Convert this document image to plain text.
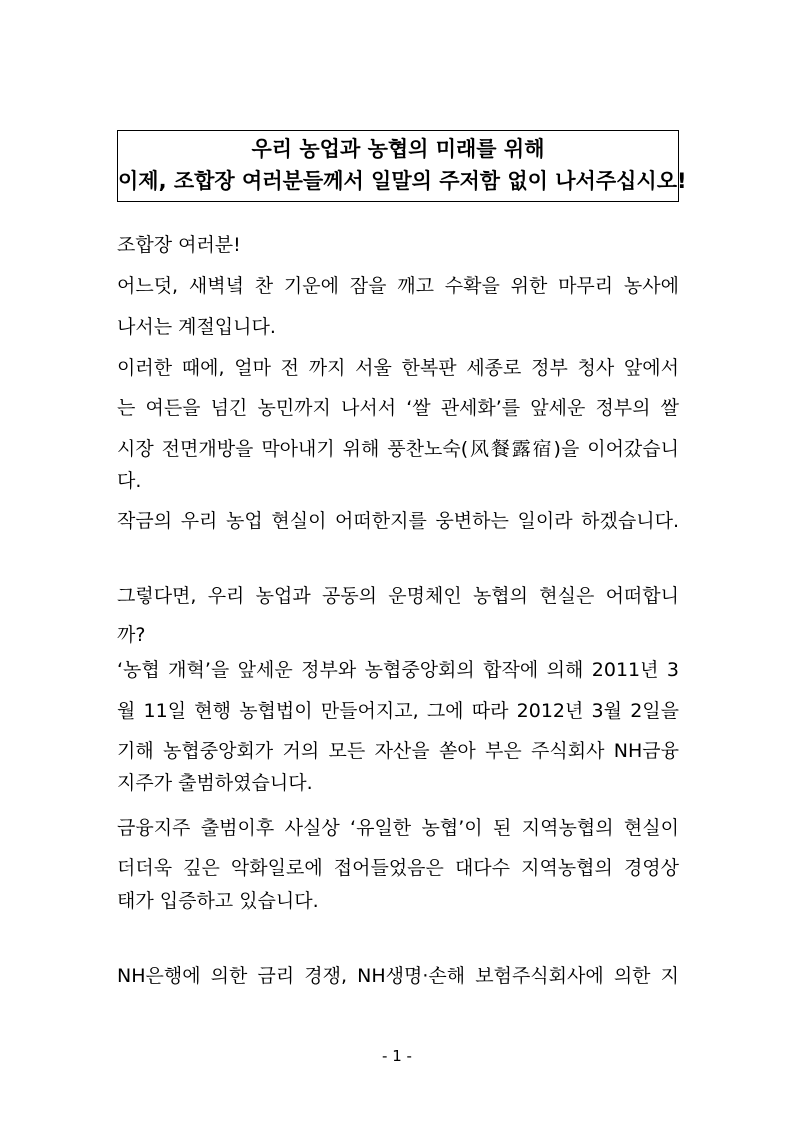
우리 농업과 농협의 미래를 위해
이제, 조합장 여러분들께서 일말의 주저함 없이 나서주십시오!
조합장 여러분!
어느덧, 새벽녘 찬 기운에 잠을 깨고 수확을 위한 마무리 농사에
나서는 계절입니다.
이러한 때에, 얼마 전 까지 서울 한복판 세종로 정부 청사 앞에서
는 여든을 넘긴 농민까지 나서서 ‘쌀 관세화’를 앞세운 정부의 쌀
시장 전면개방을 막아내기 위해 풍찬노숙(风餐露宿)을 이어갔습니
다.
작금의 우리 농업 현실이 어떠한지를 웅변하는 일이라 하겠습니다.
그렇다면, 우리 농업과 공동의 운명체인 농협의 현실은 어떠합니
까?
‘농협 개혁’을 앞세운 정부와 농협중앙회의 합작에 의해 2011년 3
월 11일 현행 농협법이 만들어지고, 그에 따라 2012년 3월 2일을
기해 농협중앙회가 거의 모든 자산을 쏟아 부은 주식회사 NH금융
지주가 출범하였습니다.
금융지주 출범이후 사실상 ‘유일한 농협’이 된 지역농협의 현실이
더더욱 깊은 악화일로에 접어들었음은 대다수 지역농협의 경영상
태가 입증하고 있습니다.
NH은행에 의한 금리 경쟁, NH생명·손해 보험주식회사에 의한 지
- 1 -
